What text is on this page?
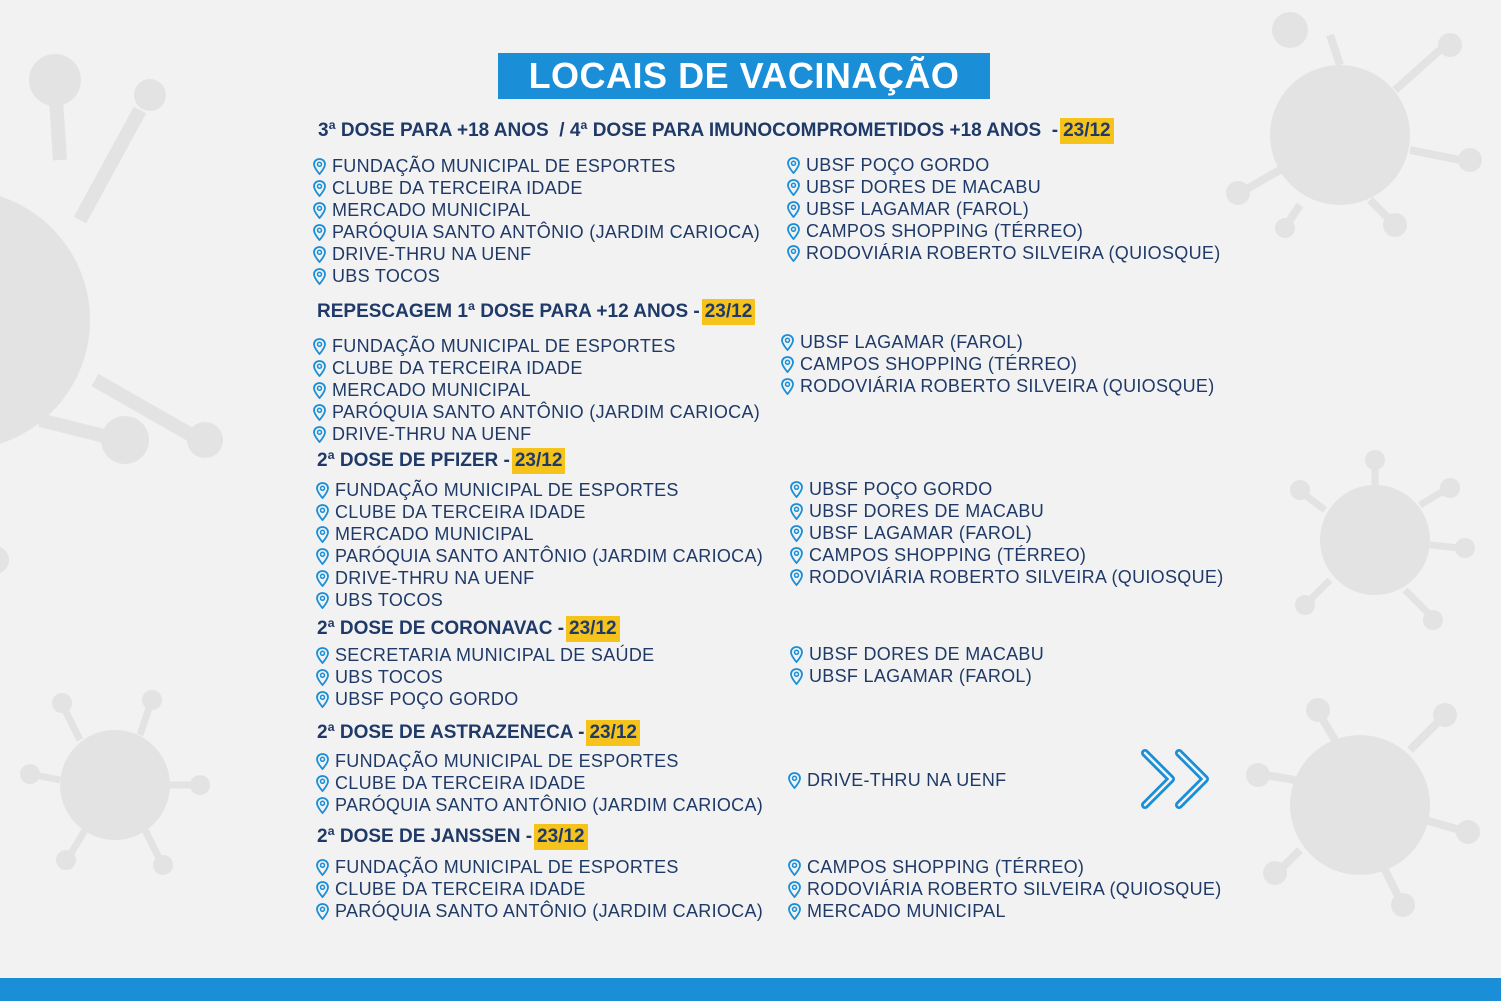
LOCAIS DE VACINAÇÃO
3ª DOSE PARA +18 ANOS  / 4ª DOSE PARA IMUNOCOMPROMETIDOS +18 ANOS  - 23/12
FUNDAÇÃO MUNICIPAL DE ESPORTES
CLUBE DA TERCEIRA IDADE
MERCADO MUNICIPAL
PARÓQUIA SANTO ANTÔNIO (JARDIM CARIOCA)
DRIVE-THRU NA UENF
UBS TOCOS
UBSF POÇO GORDO
UBSF DORES DE MACABU
UBSF LAGAMAR (FAROL)
CAMPOS SHOPPING (TÉRREO)
RODOVIÁRIA ROBERTO SILVEIRA (QUIOSQUE)
REPESCAGEM 1ª DOSE PARA +12 ANOS - 23/12
FUNDAÇÃO MUNICIPAL DE ESPORTES
CLUBE DA TERCEIRA IDADE
MERCADO MUNICIPAL
PARÓQUIA SANTO ANTÔNIO (JARDIM CARIOCA)
DRIVE-THRU NA UENF
UBSF LAGAMAR (FAROL)
CAMPOS SHOPPING (TÉRREO)
RODOVIÁRIA ROBERTO SILVEIRA (QUIOSQUE)
2ª DOSE DE PFIZER - 23/12
FUNDAÇÃO MUNICIPAL DE ESPORTES
CLUBE DA TERCEIRA IDADE
MERCADO MUNICIPAL
PARÓQUIA SANTO ANTÔNIO (JARDIM CARIOCA)
DRIVE-THRU NA UENF
UBS TOCOS
UBSF POÇO GORDO
UBSF DORES DE MACABU
UBSF LAGAMAR (FAROL)
CAMPOS SHOPPING (TÉRREO)
RODOVIÁRIA ROBERTO SILVEIRA (QUIOSQUE)
2ª DOSE DE CORONAVAC - 23/12
SECRETARIA MUNICIPAL DE SAÚDE
UBS TOCOS
UBSF POÇO GORDO
UBSF DORES DE MACABU
UBSF LAGAMAR (FAROL)
2ª DOSE DE ASTRAZENECA - 23/12
FUNDAÇÃO MUNICIPAL DE ESPORTES
CLUBE DA TERCEIRA IDADE
PARÓQUIA SANTO ANTÔNIO (JARDIM CARIOCA)
DRIVE-THRU NA UENF
2ª DOSE DE JANSSEN - 23/12
FUNDAÇÃO MUNICIPAL DE ESPORTES
CLUBE DA TERCEIRA IDADE
PARÓQUIA SANTO ANTÔNIO (JARDIM CARIOCA)
CAMPOS SHOPPING (TÉRREO)
RODOVIÁRIA ROBERTO SILVEIRA (QUIOSQUE)
MERCADO MUNICIPAL
